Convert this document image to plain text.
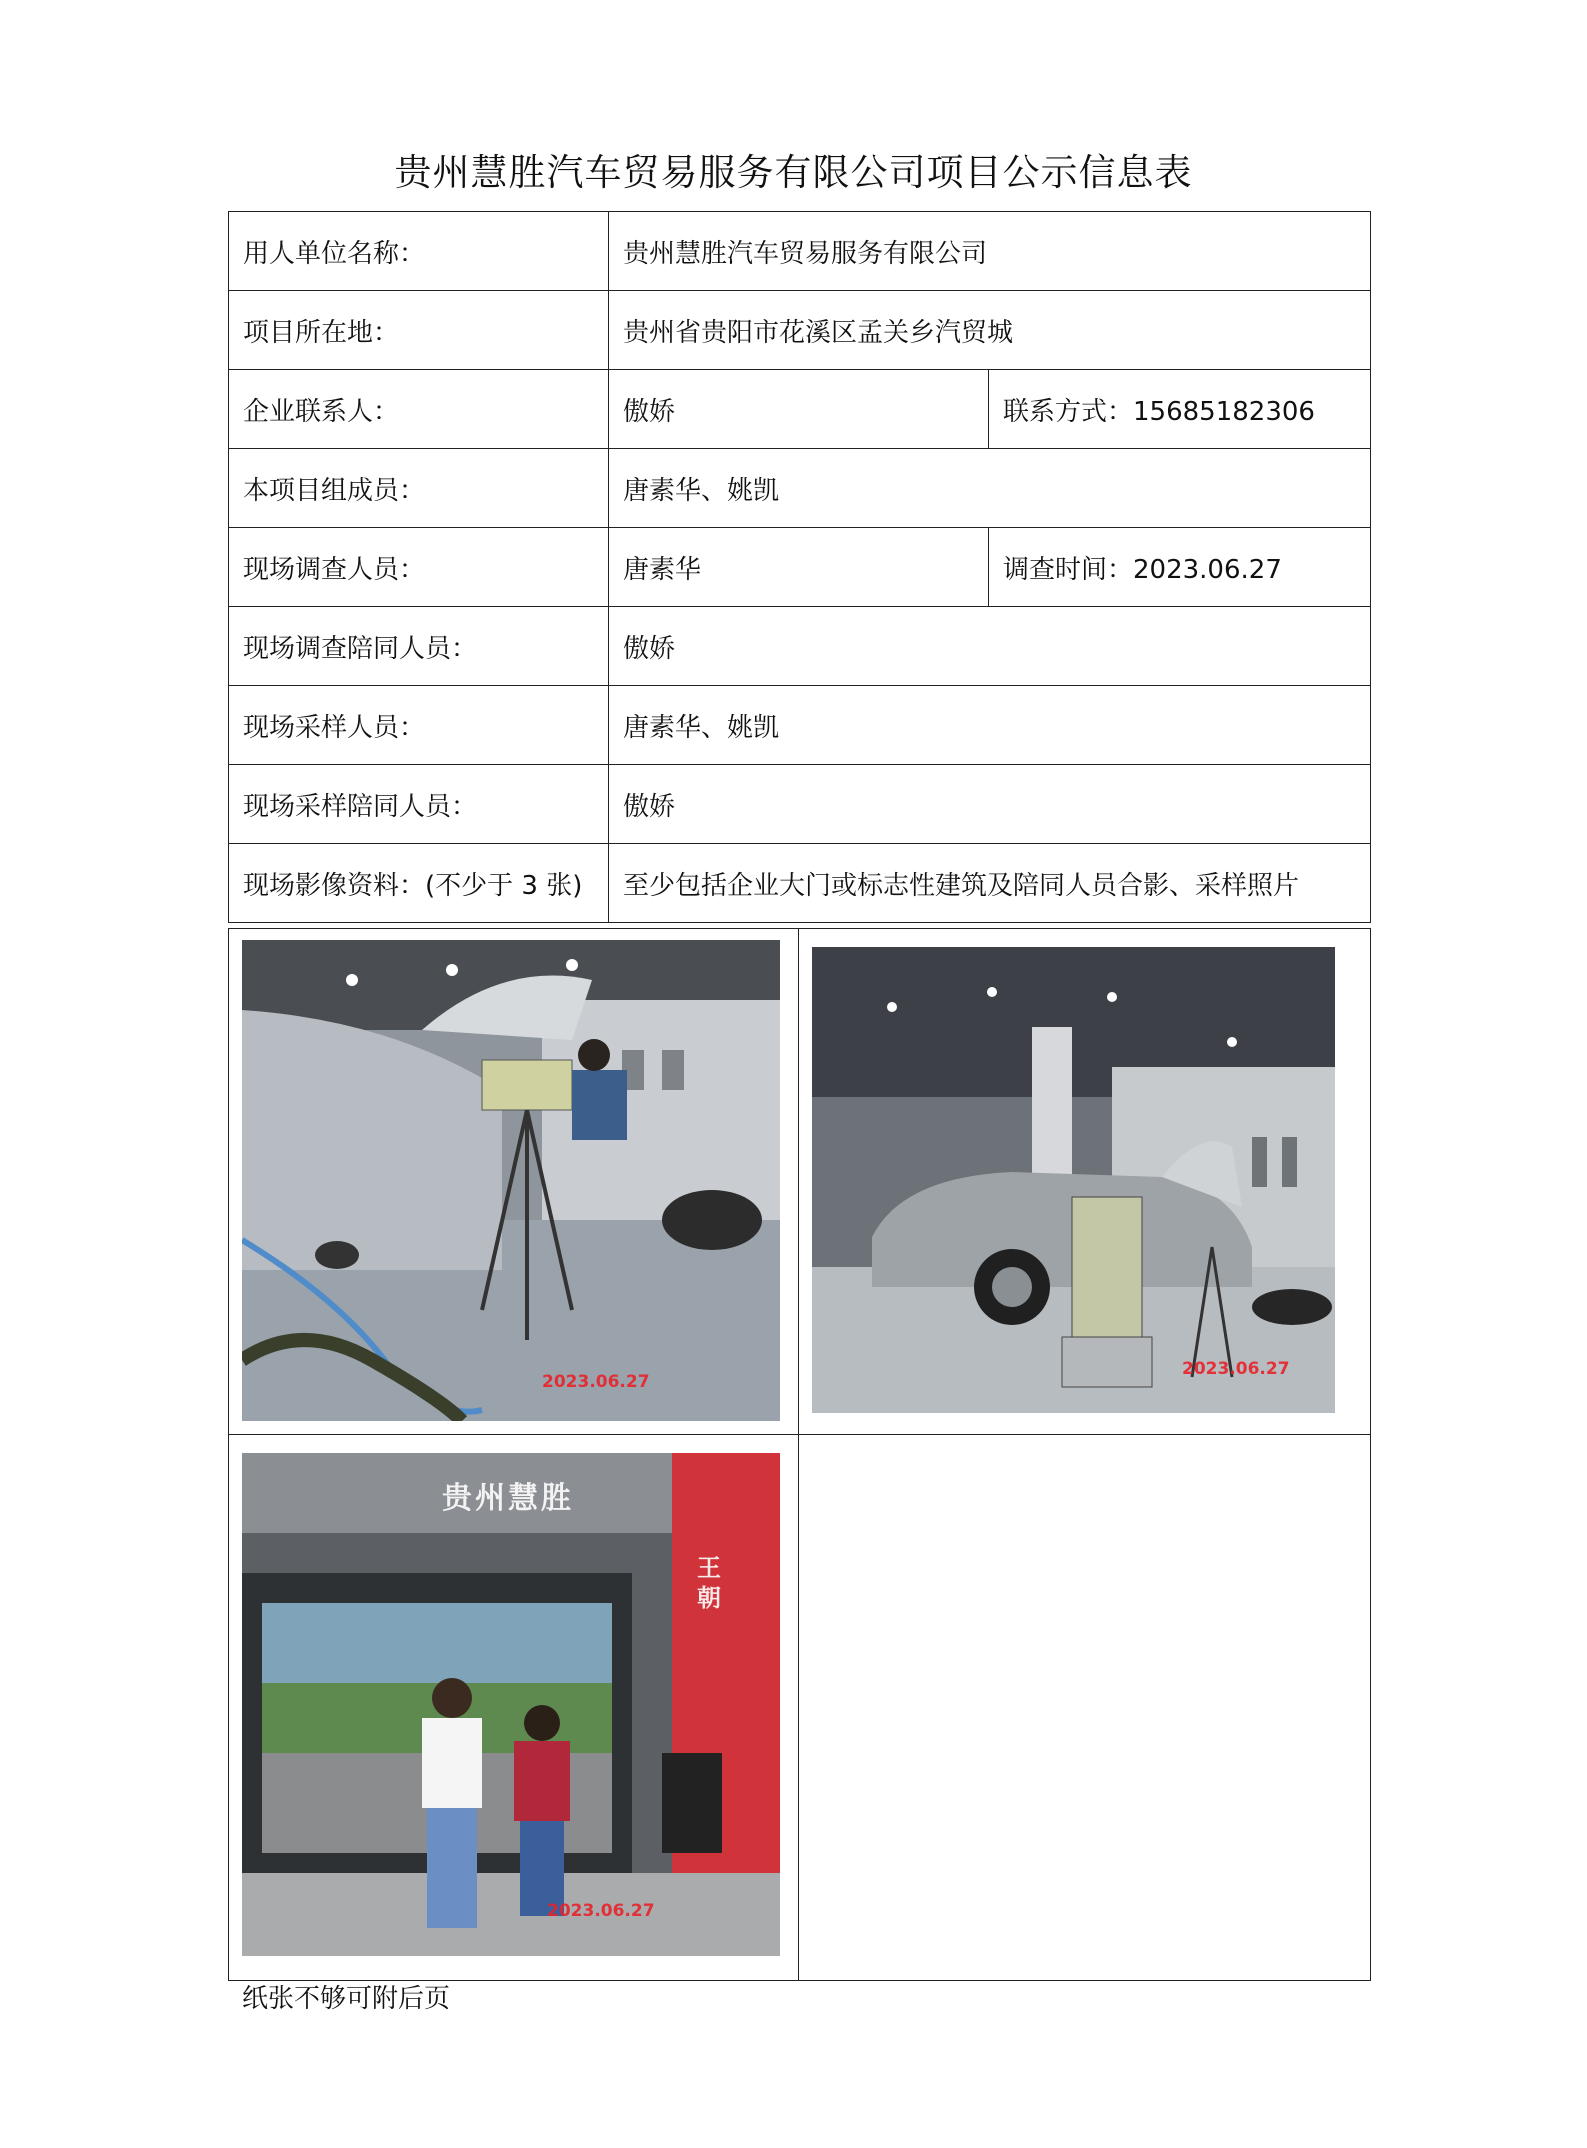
贵州慧胜汽车贸易服务有限公司项目公示信息表
用人单位名称：	贵州慧胜汽车贸易服务有限公司	
项目所在地：	贵州省贵阳市花溪区孟关乡汽贸城	
企业联系人：	傲娇	联系方式：15685182306
本项目组成员：	唐素华、姚凯	
现场调查人员：	唐素华	调查时间：2023.06.27
现场调查陪同人员：	傲娇	
现场采样人员：	唐素华、姚凯	
现场采样陪同人员：	傲娇	
现场影像资料：(不少于 3 张)	至少包括企业大门或标志性建筑及陪同人员合影、采样照片	
2023.06.27	2023.06.27

贵州慧胜
王朝
2023.06.27	

纸张不够可附后页
